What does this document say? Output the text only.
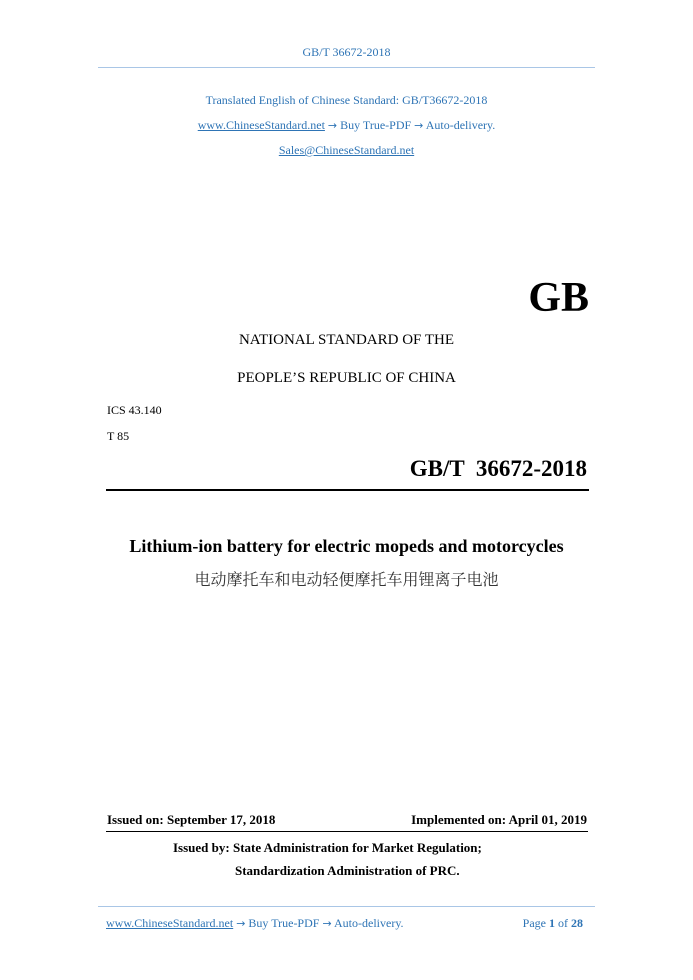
GB/T 36672-2018
Translated English of Chinese Standard: GB/T36672-2018
www.ChineseStandard.net → Buy True-PDF → Auto-delivery.
Sales@ChineseStandard.net
GB
NATIONAL STANDARD OF THE
PEOPLE’S REPUBLIC OF CHINA
ICS 43.140
T 85
GB/T  36672-2018
Lithium-ion battery for electric mopeds and motorcycles
电动摩托车和电动轻便摩托车用锂离子电池
Issued on: September 17, 2018	Implemented on: April 01, 2019
Issued by: State Administration for Market Regulation;
Standardization Administration of PRC.
www.ChineseStandard.net → Buy True-PDF → Auto-delivery.	Page 1 of 28
